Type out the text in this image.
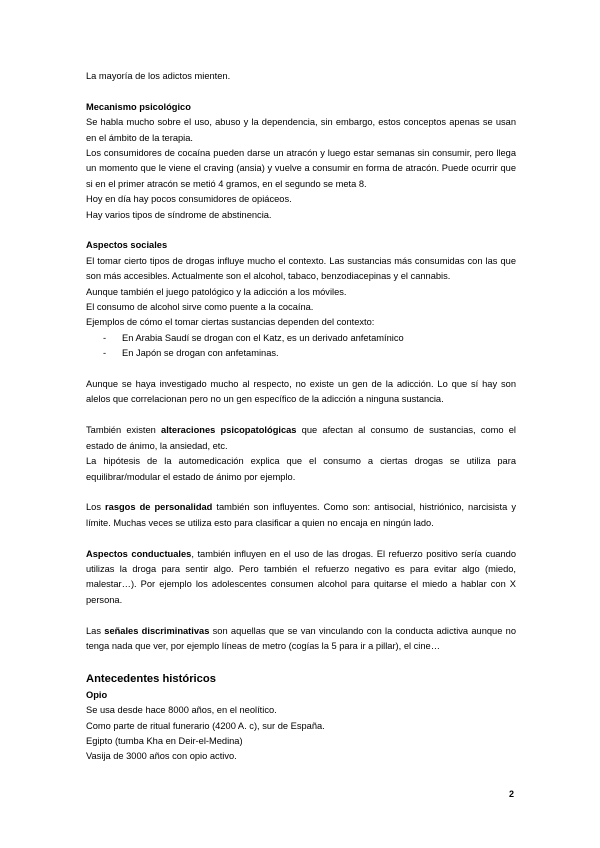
La mayoría de los adictos mienten.

Mecanismo psicológico

Se habla mucho sobre el uso, abuso y la dependencia, sin embargo, estos conceptos apenas se usan en el ámbito de la terapia.

Los consumidores de cocaína pueden darse un atracón y luego estar semanas sin consumir, pero llega un momento que le viene el craving (ansia) y vuelve a consumir en forma de atracón. Puede ocurrir que si en el primer atracón se metió 4 gramos, en el segundo se meta 8.

Hoy en día hay pocos consumidores de opiáceos.

Hay varios tipos de síndrome de abstinencia.

Aspectos sociales

El tomar cierto tipos de drogas influye mucho el contexto. Las sustancias más consumidas con las que son más accesibles. Actualmente son el alcohol, tabaco, benzodiacepinas y el cannabis.

Aunque también el juego patológico y la adicción a los móviles.

El consumo de alcohol sirve como puente a la cocaína.

Ejemplos de cómo el tomar ciertas sustancias dependen del contexto:

- En Arabia Saudí se drogan con el Katz, es un derivado anfetamínico
- En Japón se drogan con anfetaminas.

Aunque se haya investigado mucho al respecto, no existe un gen de la adicción. Lo que sí hay son alelos que correlacionan pero no un gen específico de la adicción a ninguna sustancia.

También existen alteraciones psicopatológicas que afectan al consumo de sustancias, como el estado de ánimo, la ansiedad, etc.

La hipótesis de la automedicación explica que el consumo a ciertas drogas se utiliza para equilibrar/modular el estado de ánimo por ejemplo.

Los rasgos de personalidad también son influyentes. Como son: antisocial, histriónico, narcisista y límite. Muchas veces se utiliza esto para clasificar a quien no encaja en ningún lado.

Aspectos conductuales, también influyen en el uso de las drogas. El refuerzo positivo sería cuando utilizas la droga para sentir algo. Pero también el refuerzo negativo es para evitar algo (miedo, malestar…). Por ejemplo los adolescentes consumen alcohol para quitarse el miedo a hablar con X persona.

Las señales discriminativas son aquellas que se van vinculando con la conducta adictiva aunque no tenga nada que ver, por ejemplo líneas de metro (cogías la 5 para ir a pillar), el cine…

Antecedentes históricos

Opio

Se usa desde hace 8000 años, en el neolítico.

Como parte de ritual funerario (4200 A. c), sur de España.

Egipto (tumba Kha en Deir-el-Medina)

Vasija de 3000 años con opio activo.

2
